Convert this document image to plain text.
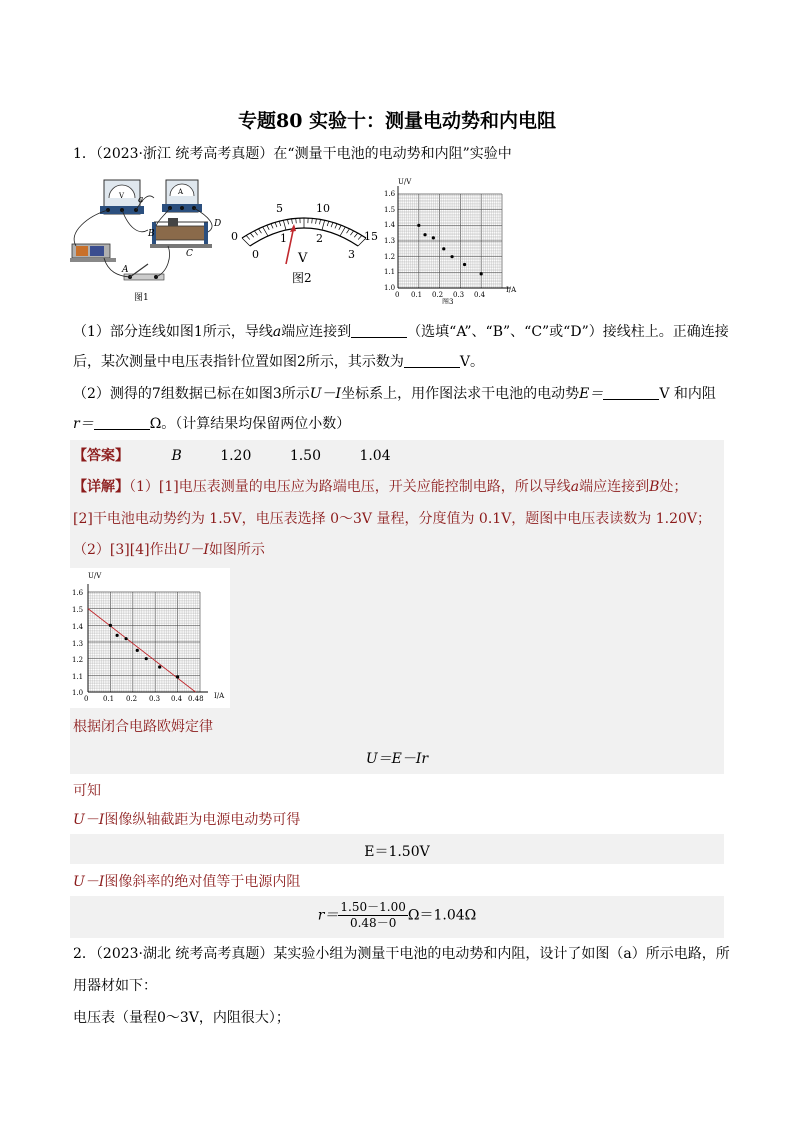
专题80 实验十：测量电动势和内电阻
1．（2023·浙江 统考高考真题）在“测量干电池的电动势和内阻”实验中
V	A
a
A
B
C
D
图1
0
5	10
15
0
1	2
3
V
图2
U/V
I/A
1.6
1.5
1.4
1.3
1.2
1.1
1.0
0 0.1 0.2 0.3 0.4
图3
（1）部分连线如图1所示，导线a端应连接到	（选填“A”、“B”、“C”或“D”）接线柱上。正确连接
后，某次测量中电压表指针位置如图2所示，其示数为	V。
（2）测得的7组数据已标在如图3所示U－I坐标系上，用作图法求干电池的电动势E＝	V 和内阻
r＝	Ω。（计算结果均保留两位小数）
【答案】	B	1.20	1.50	1.04
【详解】（1）[1]电压表测量的电压应为路端电压，开关应能控制电路，所以导线a端应连接到B处；
[2]干电池电动势约为 1.5V，电压表选择 0～3V 量程，分度值为 0.1V，题图中电压表读数为 1.20V；
（2）[3][4]作出U－I如图所示
U/V
I/A
1.6
1.5
1.4
1.3
1.2
1.1
1.0
0 0.1 0.2 0.3 0.4 0.48
根据闭合电路欧姆定律
U＝E－Ir
可知
U－I图像纵轴截距为电源电动势可得
E＝1.50V
U－I图像斜率的绝对值等于电源内阻
$r= \frac{1.50-1.00}{0.48-0}\Omega=1.04\Omega$
2．（2023·湖北 统考高考真题）某实验小组为测量干电池的电动势和内阻，设计了如图（a）所示电路，所
用器材如下：
电压表（量程0～3V，内阻很大）；
